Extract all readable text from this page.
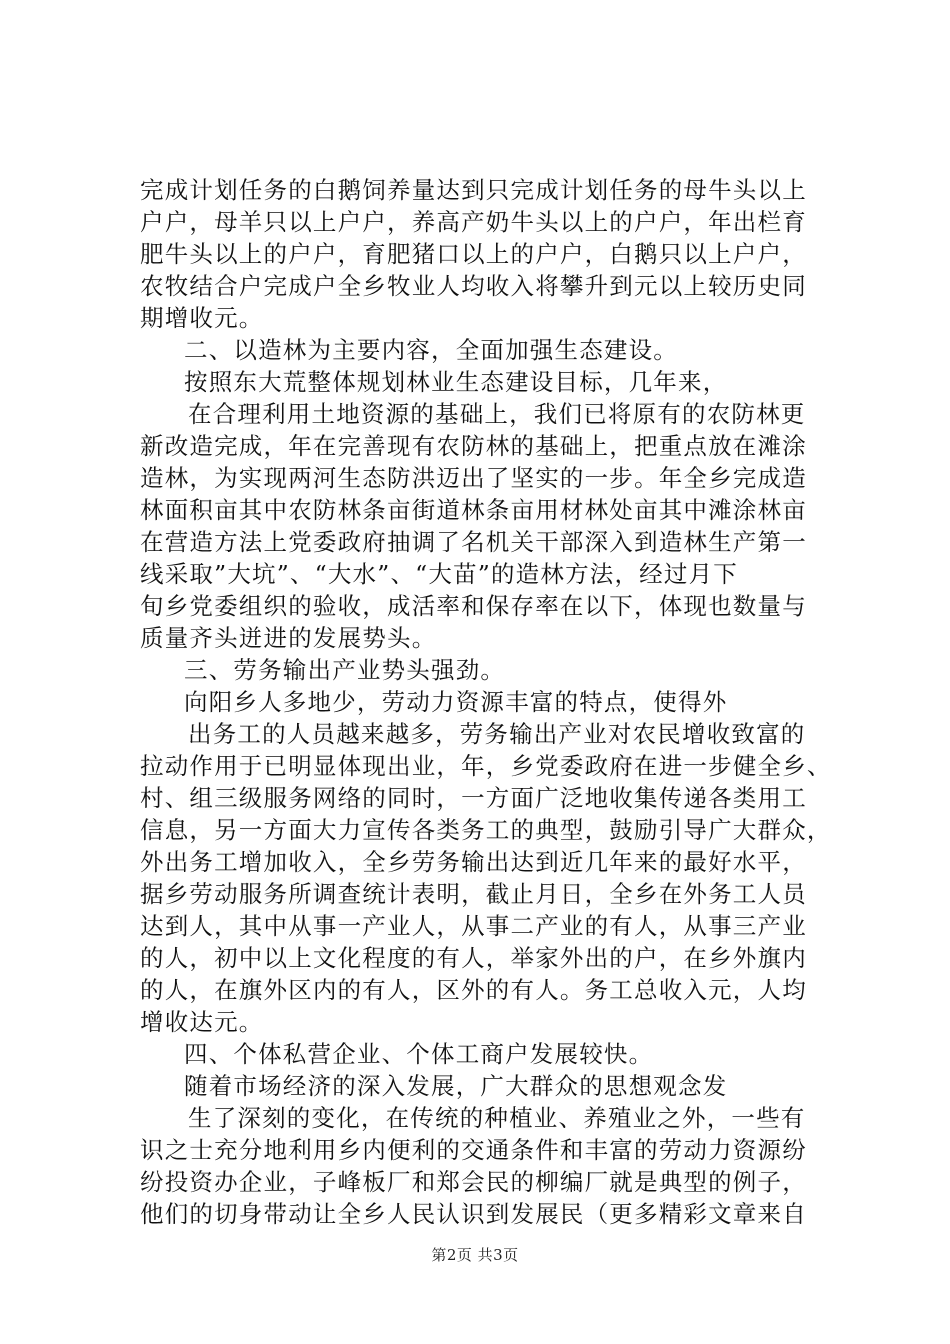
完成计划任务的白鹅饲养量达到只完成计划任务的母牛头以上
户户，母羊只以上户户，养高产奶牛头以上的户户，年出栏育
肥牛头以上的户户，育肥猪口以上的户户，白鹅只以上户户，
农牧结合户完成户全乡牧业人均收入将攀升到元以上较历史同
期增收元。
二、以造林为主要内容，全面加强生态建设。
按照东大荒整体规划林业生态建设目标，几年来，
在合理利用土地资源的基础上，我们已将原有的农防林更
新改造完成，年在完善现有农防林的基础上，把重点放在滩涂
造林，为实现两河生态防洪迈出了坚实的一步。年全乡完成造
林面积亩其中农防林条亩街道林条亩用材林处亩其中滩涂林亩
在营造方法上党委政府抽调了名机关干部深入到造林生产第一
线采取”大坑”、“大水”、“大苗”的造林方法，经过月下
旬乡党委组织的验收，成活率和保存率在以下，体现也数量与
质量齐头迸进的发展势头。
三、劳务输出产业势头强劲。
向阳乡人多地少，劳动力资源丰富的特点，使得外
出务工的人员越来越多，劳务输出产业对农民增收致富的
拉动作用于已明显体现出业，年，乡党委政府在进一步健全乡、
村、组三级服务网络的同时，一方面广泛地收集传递各类用工
信息，另一方面大力宣传各类务工的典型，鼓励引导广大群众，
外出务工增加收入，全乡劳务输出达到近几年来的最好水平，
据乡劳动服务所调查统计表明，截止月日，全乡在外务工人员
达到人，其中从事一产业人，从事二产业的有人，从事三产业
的人，初中以上文化程度的有人，举家外出的户，在乡外旗内
的人，在旗外区内的有人，区外的有人。务工总收入元，人均
增收达元。
四、个体私营企业、个体工商户发展较快。
随着市场经济的深入发展，广大群众的思想观念发
生了深刻的变化，在传统的种植业、养殖业之外，一些有
识之士充分地利用乡内便利的交通条件和丰富的劳动力资源纷
纷投资办企业，子峰板厂和郑会民的柳编厂就是典型的例子，
他们的切身带动让全乡人民认识到发展民（更多精彩文章来自
第2页 共3页
